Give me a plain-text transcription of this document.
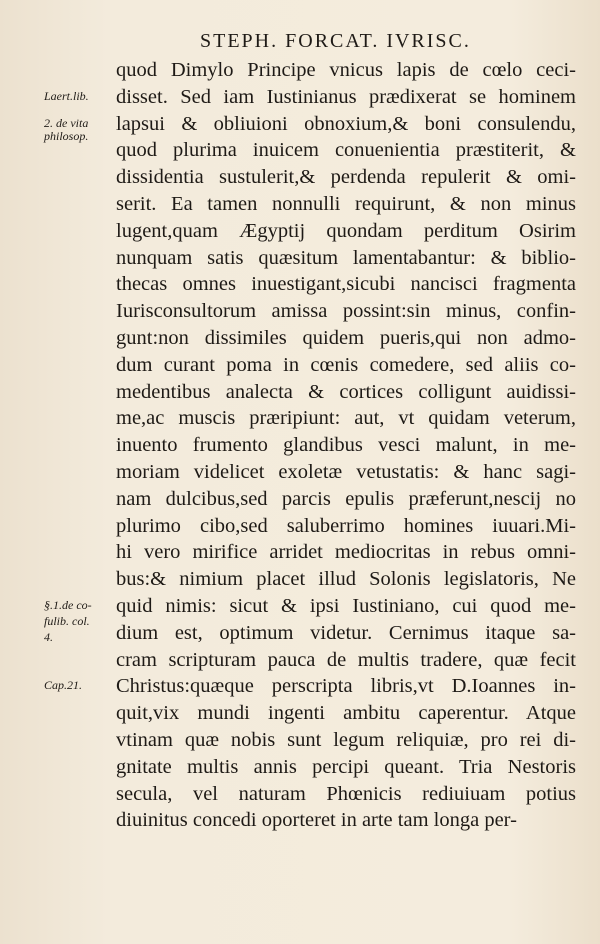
STEPH. FORCAT. IVRISC.
quod Dimylo Principe vnicus lapis de cœlo ceci-
disset. Sed iam Iustinianus prædixerat se hominem
lapsui & obliuioni obnoxium,& boni consulendu,
quod plurima inuicem conuenientia præstiterit, &
dissidentia sustulerit,& perdenda repulerit & omi-
serit. Ea tamen nonnulli requirunt, & non minus
lugent,quam Ægyptij quondam perditum Osirim
nunquam satis quæsitum lamentabantur: & biblio-
thecas omnes inuestigant,sicubi nancisci fragmenta
Iurisconsultorum amissa possint:sin minus, confin-
gunt:non dissimiles quidem pueris,qui non admo-
dum curant poma in cœnis comedere, sed aliis co-
medentibus analecta & cortices colligunt auidissi-
me,ac muscis præripiunt: aut, vt quidam veterum,
inuento frumento glandibus vesci malunt, in me-
moriam videlicet exoletæ vetustatis: & hanc sagi-
nam dulcibus,sed parcis epulis præferunt,nescij no
plurimo cibo,sed saluberrimo homines iuuari.Mi-
hi vero mirifice arridet mediocritas in rebus omni-
bus:& nimium placet illud Solonis legislatoris, Ne
quid nimis: sicut & ipsi Iustiniano, cui quod me-
dium est, optimum videtur. Cernimus itaque sa-
cram scripturam pauca de multis tradere, quæ fecit
Christus:quæque perscripta libris,vt D.Ioannes in-
quit,vix mundi ingenti ambitu caperentur. Atque
vtinam quæ nobis sunt legum reliquiæ, pro rei di-
gnitate multis annis percipi queant. Tria Nestoris
secula, vel naturam Phœnicis rediuiuam potius
diuinitus concedi oporteret in arte tam longa per-
Laert.lib.
2. de vita
philosop.
§.1.de co-
fulib. col.
4.
Cap.21.
